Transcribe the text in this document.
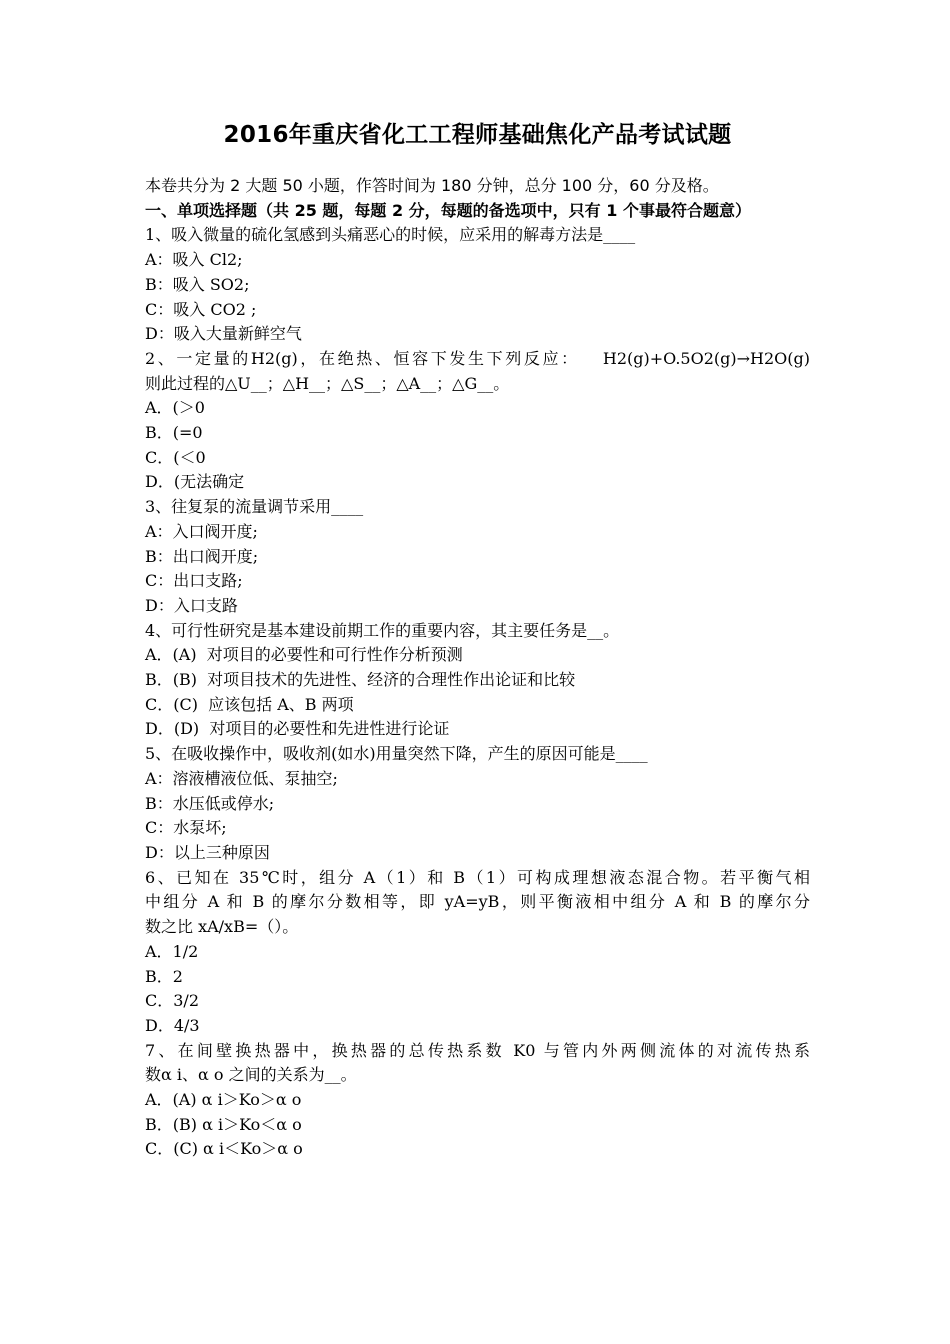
2016年重庆省化工工程师基础焦化产品考试试题
本卷共分为 2 大题 50 小题，作答时间为 180 分钟，总分 100 分，60 分及格。
一、单项选择题（共 25 题，每题 2 分，每题的备选项中，只有 1 个事最符合题意）
1、吸入微量的硫化氢感到头痛恶心的时候，应采用的解毒方法是____
A：吸入 Cl2;
B：吸入 SO2;
C：吸入 CO2 ;
D：吸入大量新鲜空气
2、一定量的H2(g)，在绝热、恒容下发生下列反应：   H2(g)+O.5O2(g)→H2O(g)
则此过程的△U__；△H__；△S__；△A__；△G__。
A．(＞0
B．(=0
C．(＜0
D．(无法确定
3、往复泵的流量调节采用____
A：入口阀开度;
B：出口阀开度;
C：出口支路;
D：入口支路
4、可行性研究是基本建设前期工作的重要内容，其主要任务是__。
A．(A)  对项目的必要性和可行性作分析预测
B．(B)  对项目技术的先进性、经济的合理性作出论证和比较
C．(C)  应该包括 A、B 两项
D．(D)  对项目的必要性和先进性进行论证
5、在吸收操作中，吸收剂(如水)用量突然下降，产生的原因可能是____
A：溶液槽液位低、泵抽空;
B：水压低或停水;
C：水泵坏;
D：以上三种原因
6、已知在 35℃时，组分 A（1）和 B（1）可构成理想液态混合物。若平衡气相
中组分 A 和 B 的摩尔分数相等，即 yA=yB，则平衡液相中组分 A 和 B 的摩尔分
数之比 xA/xB=（）。
A．1/2
B．2
C．3/2
D．4/3
7、在间壁换热器中，换热器的总传热系数 K0 与管内外两侧流体的对流传热系
数α i、α o 之间的关系为__。
A．(A) α i＞Ko＞α o
B．(B) α i＞Ko＜α o
C．(C) α i＜Ko＞α o
